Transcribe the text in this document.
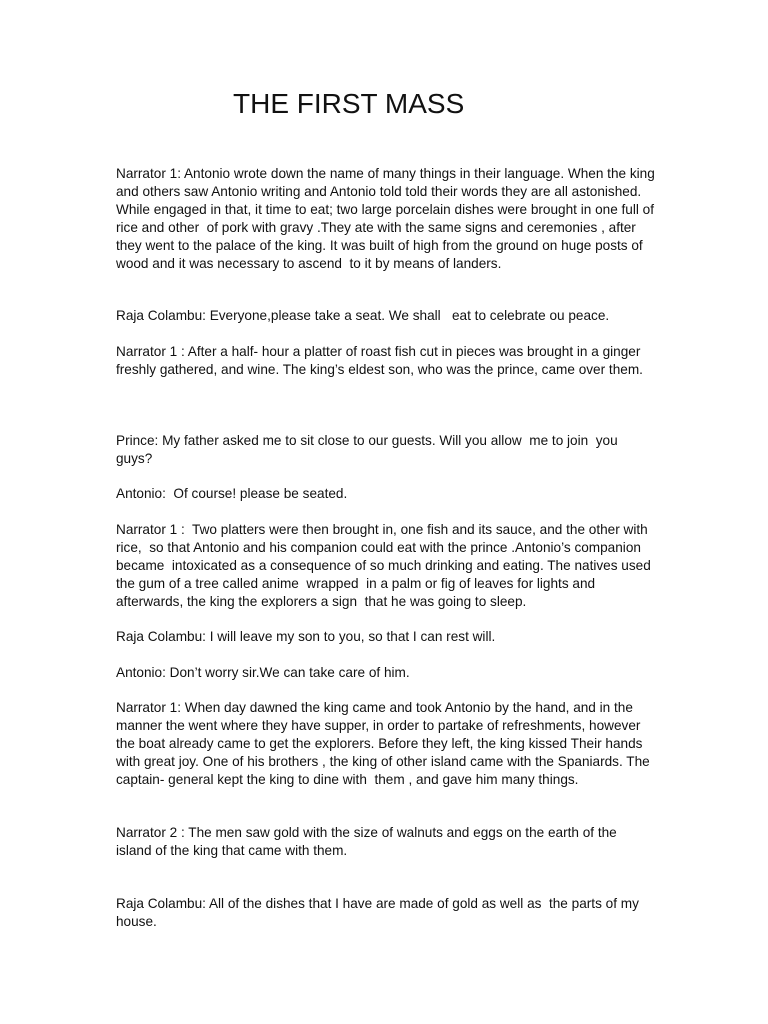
THE FIRST MASS

Narrator 1: Antonio wrote down the name of many things in their language. When the king and others saw Antonio writing and Antonio told told their words they are all astonished.  While engaged in that, it time to eat; two large porcelain dishes were brought in one full of rice and other  of pork with gravy .They ate with the same signs and ceremonies , after they went to the palace of the king. It was built of high from the ground on huge posts of wood and it was necessary to ascend  to it by means of landers.

Raja Colambu: Everyone,please take a seat. We shall   eat to celebrate ou peace.

Narrator 1 : After a half- hour a platter of roast fish cut in pieces was brought in a ginger freshly gathered, and wine. The king’s eldest son, who was the prince, came over them.

Prince: My father asked me to sit close to our guests. Will you allow  me to join  you guys?

Antonio:  Of course! please be seated.

Narrator 1 :  Two platters were then brought in, one fish and its sauce, and the other with rice,  so that Antonio and his companion could eat with the prince .Antonio’s companion became  intoxicated as a consequence of so much drinking and eating. The natives used the gum of a tree called anime  wrapped  in a palm or fig of leaves for lights and afterwards, the king the explorers a sign  that he was going to sleep.

Raja Colambu: I will leave my son to you, so that I can rest will.

Antonio: Don’t worry sir.We can take care of him.

Narrator 1: When day dawned the king came and took Antonio by the hand, and in the manner the went where they have supper, in order to partake of refreshments, however the boat already came to get the explorers. Before they left, the king kissed Their hands with great joy. One of his brothers , the king of other island came with the Spaniards. The captain- general kept the king to dine with  them , and gave him many things.

Narrator 2 : The men saw gold with the size of walnuts and eggs on the earth of the island of the king that came with them.

Raja Colambu: All of the dishes that I have are made of gold as well as  the parts of my house.
